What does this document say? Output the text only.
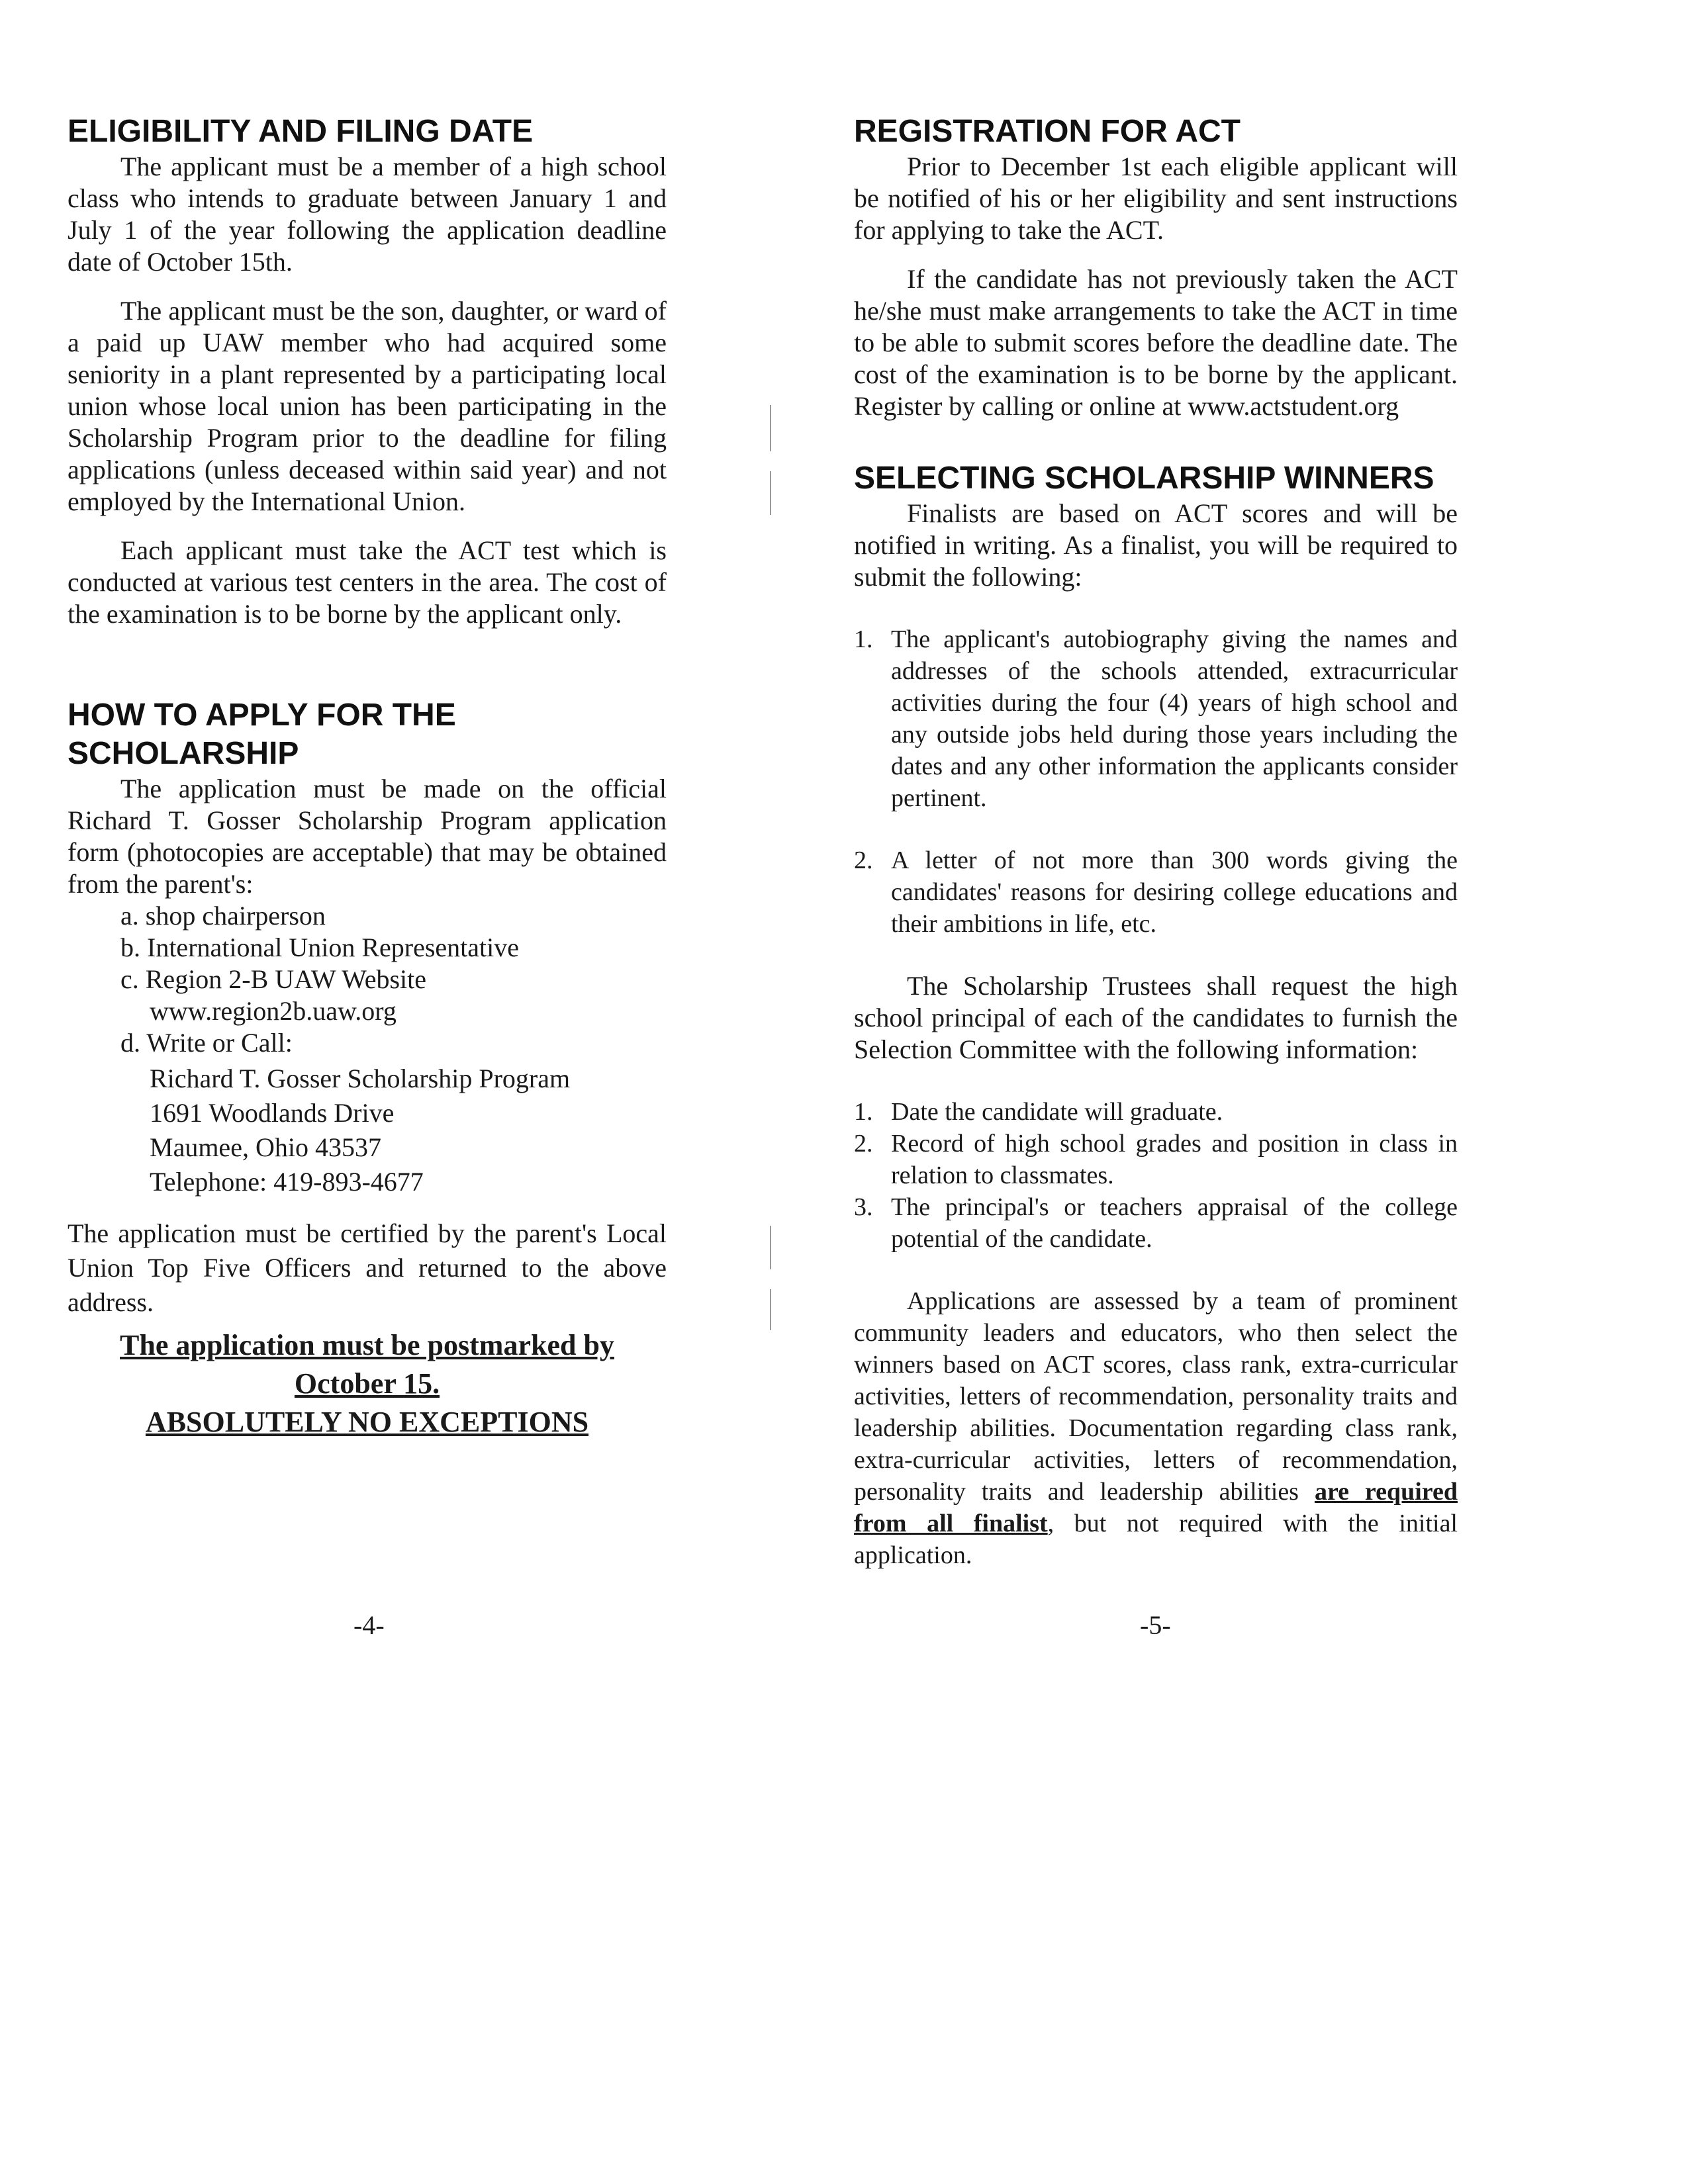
ELIGIBILITY AND FILING DATE

The applicant must be a member of a high school class who intends to graduate between January 1 and July 1 of the year following the application deadline date of October 15th.

The applicant must be the son, daughter, or ward of a paid up UAW member who had acquired some seniority in a plant represented by a participating local union whose local union has been participating in the Scholarship Program prior to the deadline for filing applications (unless deceased within said year) and not employed by the International Union.

Each applicant must take the ACT test which is conducted at various test centers in the area. The cost of the examination is to be borne by the applicant only.

HOW TO APPLY FOR THE
SCHOLARSHIP

The application must be made on the official Richard T. Gosser Scholarship Program application form (photocopies are acceptable) that may be obtained from the parent's:

a. shop chairperson
b. International Union Representative
c. Region 2-B UAW Website
www.region2b.uaw.org
d. Write or Call:
Richard T. Gosser Scholarship Program
1691 Woodlands Drive
Maumee, Ohio 43537
Telephone: 419-893-4677

The application must be certified by the parent's Local Union Top Five Officers and returned to the above address.

The application must be postmarked by
October 15.
ABSOLUTELY NO EXCEPTIONS
-4-
REGISTRATION FOR ACT

Prior to December 1st each eligible applicant will be notified of his or her eligibility and sent instructions for applying to take the ACT.

If the candidate has not previously taken the ACT he/she must make arrangements to take the ACT in time to be able to submit scores before the deadline date. The cost of the examination is to be borne by the applicant. Register by calling or online at www.actstudent.org

SELECTING SCHOLARSHIP WINNERS

Finalists are based on ACT scores and will be notified in writing. As a finalist, you will be required to submit the following:

1. The applicant's autobiography giving the names and addresses of the schools attended, extracurricular activities during the four (4) years of high school and any outside jobs held during those years including the dates and any other information the applicants consider pertinent.
2. A letter of not more than 300 words giving the candidates' reasons for desiring college educations and their ambitions in life, etc.

The Scholarship Trustees shall request the high school principal of each of the candidates to furnish the Selection Committee with the following information:

1. Date the candidate will graduate.
2. Record of high school grades and position in class in relation to classmates.
3. The principal's or teachers appraisal of the college potential of the candidate.

Applications are assessed by a team of prominent community leaders and educators, who then select the winners based on ACT scores, class rank, extra-curricular activities, letters of recommendation, personality traits and leadership abilities. Documentation regarding class rank, extra-curricular activities, letters of recommendation, personality traits and leadership abilities are required from all finalist, but not required with the initial application.

-5-
